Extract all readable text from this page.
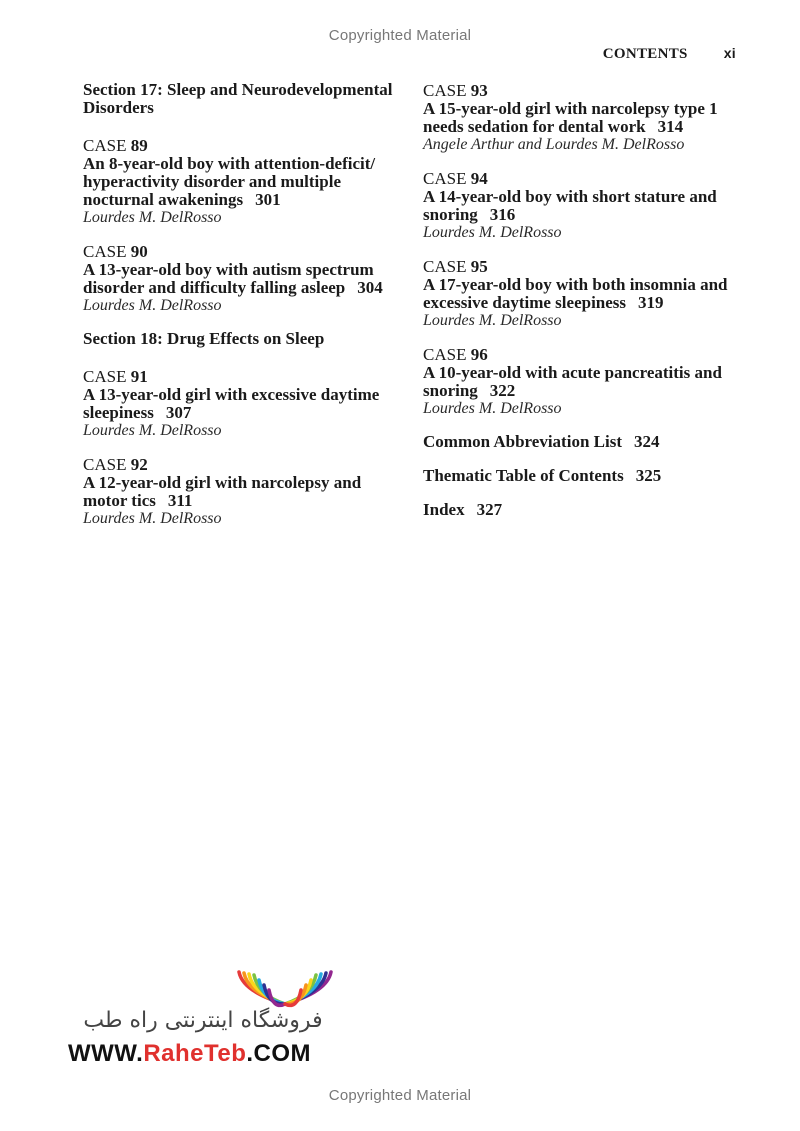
Copyrighted Material
CONTENTS	xi
Section 17: Sleep and Neurodevelopmental Disorders
CASE 89
An 8-year-old boy with attention-deficit/ hyperactivity disorder and multiple nocturnal awakenings 301
Lourdes M. DelRosso
CASE 90
A 13-year-old boy with autism spectrum disorder and difficulty falling asleep 304
Lourdes M. DelRosso
Section 18: Drug Effects on Sleep
CASE 91
A 13-year-old girl with excessive daytime sleepiness 307
Lourdes M. DelRosso
CASE 92
A 12-year-old girl with narcolepsy and motor tics 311
Lourdes M. DelRosso
CASE 93
A 15-year-old girl with narcolepsy type 1 needs sedation for dental work 314
Angele Arthur and Lourdes M. DelRosso
CASE 94
A 14-year-old boy with short stature and snoring 316
Lourdes M. DelRosso
CASE 95
A 17-year-old boy with both insomnia and excessive daytime sleepiness 319
Lourdes M. DelRosso
CASE 96
A 10-year-old with acute pancreatitis and snoring 322
Lourdes M. DelRosso
Common Abbreviation List 324
Thematic Table of Contents 325
Index 327
فروشگاه اینترنتی راه طب
WWW.RaheTeb.COM
Copyrighted Material
